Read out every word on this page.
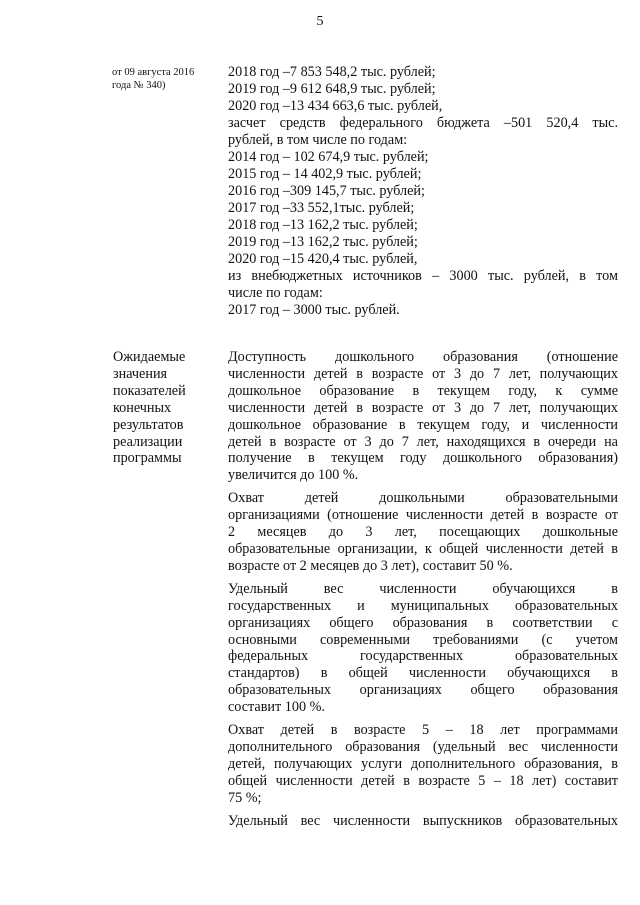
5
от 09 августа 2016
года № 340)
2018 год –7 853 548,2 тыс. рублей;
2019 год –9 612 648,9 тыс. рублей;
2020 год –13 434 663,6 тыс. рублей,
засчет средств федерального бюджета –501 520,4 тыс.
рублей, в том числе по годам:
2014 год – 102 674,9 тыс. рублей;
2015 год – 14 402,9 тыс. рублей;
2016 год –309 145,7 тыс. рублей;
2017 год –33 552,1тыс. рублей;
2018 год –13 162,2 тыс. рублей;
2019 год –13 162,2 тыс. рублей;
2020 год –15 420,4 тыс. рублей,
из внебюджетных источников – 3000 тыс. рублей, в том
числе по годам:
2017 год – 3000 тыс. рублей.
Ожидаемые
значения
показателей
конечных
результатов
реализации
программы
Доступность дошкольного образования (отношение
численности детей в возрасте от 3 до 7 лет, получающих
дошкольное образование в текущем году, к сумме
численности детей в возрасте от 3 до 7 лет, получающих
дошкольное образование в текущем году, и численности
детей в возрасте от 3 до 7 лет, находящихся в очереди на
получение в текущем году дошкольного образования)
увеличится до 100 %.
Охват детей дошкольными образовательными
организациями (отношение численности детей в возрасте от
2 месяцев до 3 лет, посещающих дошкольные
образовательные организации, к общей численности детей в
возрасте от 2 месяцев до 3 лет), составит 50 %.
Удельный вес численности обучающихся в
государственных и муниципальных образовательных
организациях общего образования в соответствии с
основными современными требованиями (с учетом
федеральных государственных образовательных
стандартов) в общей численности обучающихся в
образовательных организациях общего образования
составит 100 %.
Охват детей в возрасте 5 – 18 лет программами
дополнительного образования (удельный вес численности
детей, получающих услуги дополнительного образования, в
общей численности детей в возрасте 5 – 18 лет) составит
75 %;
Удельный вес численности выпускников образовательных
